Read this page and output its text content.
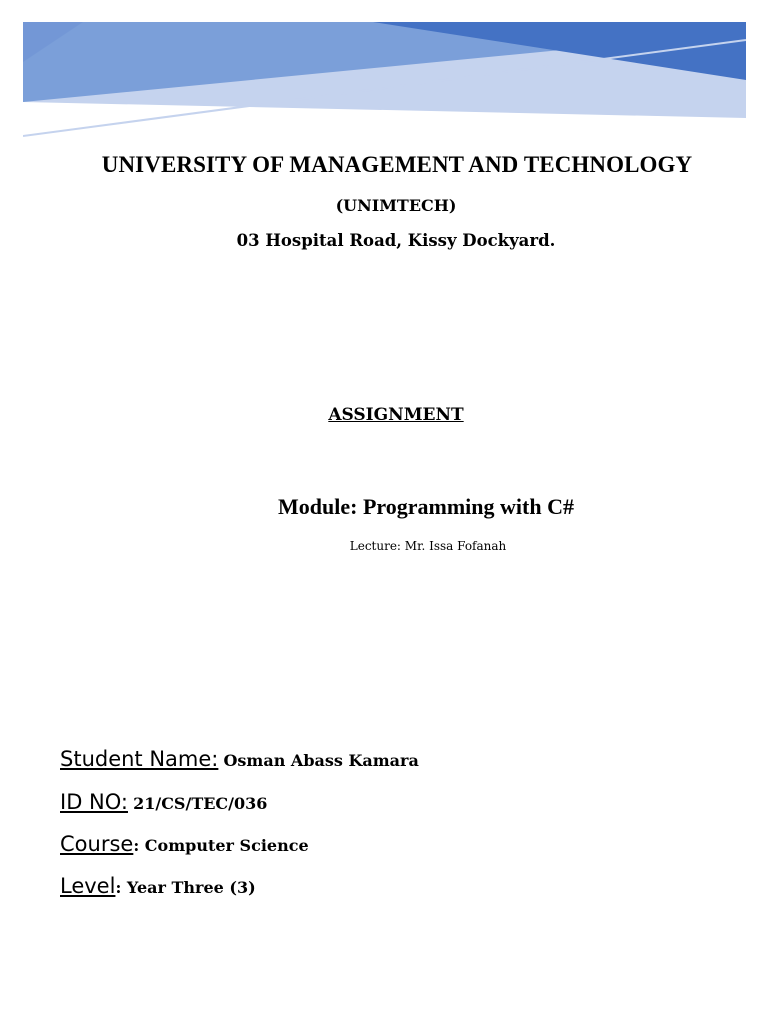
UNIVERSITY OF MANAGEMENT AND TECHNOLOGY
(UNIMTECH)
03 Hospital Road, Kissy Dockyard.
ASSIGNMENT
Module: Programming with C#
Lecture: Mr. Issa Fofanah
Student Name: Osman Abass Kamara
ID NO: 21/CS/TEC/036
Course: Computer Science
Level: Year Three (3)
